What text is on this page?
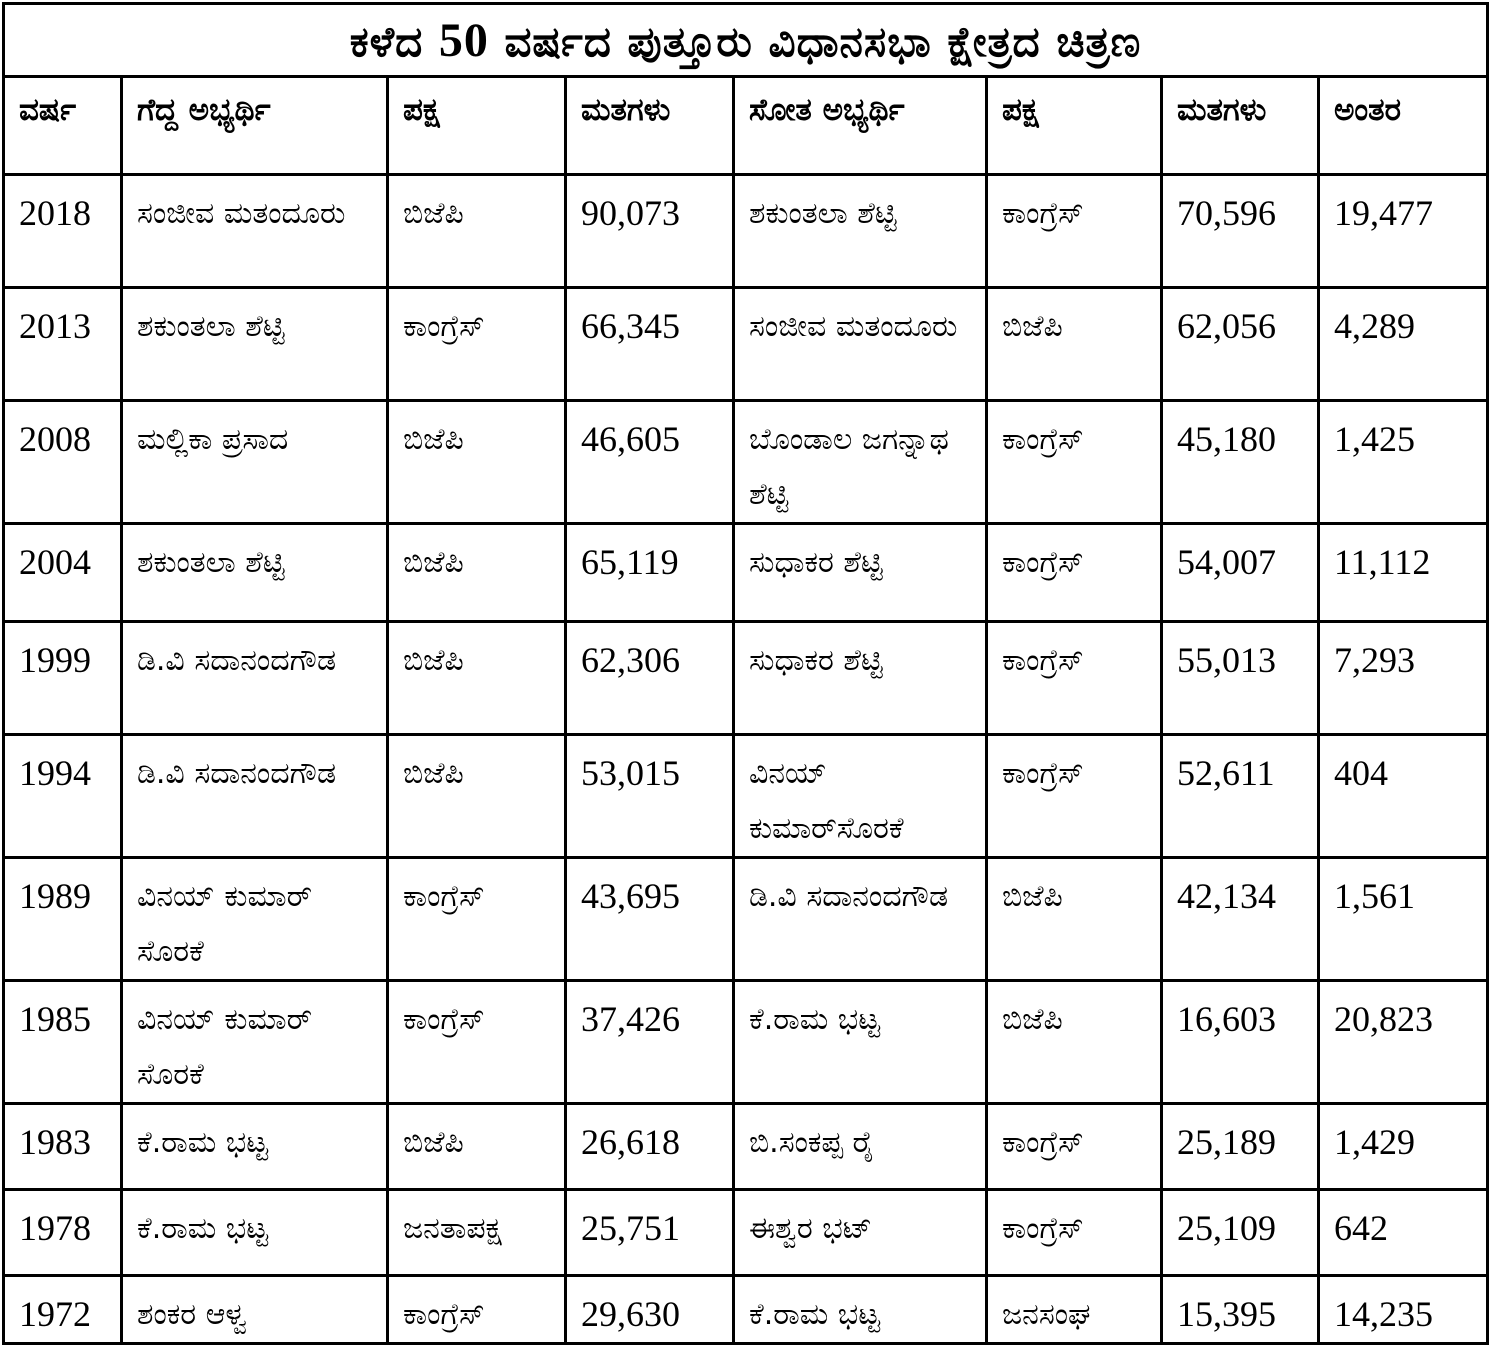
ಕಳೆದ 50 ವರ್ಷದ ಪುತ್ತೂರು ವಿಧಾನಸಭಾ ಕ್ಷೇತ್ರದ ಚಿತ್ರಣ							
ವರ್ಷ	ಗೆದ್ದ ಅಭ್ಯರ್ಥಿ	ಪಕ್ಷ	ಮತಗಳು	ಸೋತ ಅಭ್ಯರ್ಥಿ	ಪಕ್ಷ	ಮತಗಳು	ಅಂತರ
2018	ಸಂಜೀವ ಮತಂದೂರು	ಬಿಜೆಪಿ	90,073	ಶಕುಂತಲಾ ಶೆಟ್ಟಿ	ಕಾಂಗ್ರೆಸ್	70,596	19,477
2013	ಶಕುಂತಲಾ ಶೆಟ್ಟಿ	ಕಾಂಗ್ರೆಸ್	66,345	ಸಂಜೀವ ಮತಂದೂರು	ಬಿಜೆಪಿ	62,056	4,289
2008	ಮಲ್ಲಿಕಾ ಪ್ರಸಾದ	ಬಿಜೆಪಿ	46,605	ಬೊಂಡಾಲ ಜಗನ್ನಾಥ ಶೆಟ್ಟಿ	ಕಾಂಗ್ರೆಸ್	45,180	1,425
2004	ಶಕುಂತಲಾ ಶೆಟ್ಟಿ	ಬಿಜೆಪಿ	65,119	ಸುಧಾಕರ ಶೆಟ್ಟಿ	ಕಾಂಗ್ರೆಸ್	54,007	11,112
1999	ಡಿ.ವಿ ಸದಾನಂದಗೌಡ	ಬಿಜೆಪಿ	62,306	ಸುಧಾಕರ ಶೆಟ್ಟಿ	ಕಾಂಗ್ರೆಸ್	55,013	7,293
1994	ಡಿ.ವಿ ಸದಾನಂದಗೌಡ	ಬಿಜೆಪಿ	53,015	ವಿನಯ್ ಕುಮಾರ್‌ಸೊರಕೆ	ಕಾಂಗ್ರೆಸ್	52,611	404
1989	ವಿನಯ್ ಕುಮಾರ್ ಸೊರಕೆ	ಕಾಂಗ್ರೆಸ್	43,695	ಡಿ.ವಿ ಸದಾನಂದಗೌಡ	ಬಿಜೆಪಿ	42,134	1,561
1985	ವಿನಯ್ ಕುಮಾರ್ ಸೊರಕೆ	ಕಾಂಗ್ರೆಸ್	37,426	ಕೆ.ರಾಮ ಭಟ್ಟ	ಬಿಜೆಪಿ	16,603	20,823
1983	ಕೆ.ರಾಮ ಭಟ್ಟ	ಬಿಜೆಪಿ	26,618	ಬಿ.ಸಂಕಪ್ಪ ರೈ	ಕಾಂಗ್ರೆಸ್	25,189	1,429
1978	ಕೆ.ರಾಮ ಭಟ್ಟ	ಜನತಾಪಕ್ಷ	25,751	ಈಶ್ವರ ಭಟ್	ಕಾಂಗ್ರೆಸ್	25,109	642
1972	ಶಂಕರ ಆಳ್ವ	ಕಾಂಗ್ರೆಸ್	29,630	ಕೆ.ರಾಮ ಭಟ್ಟ	ಜನಸಂಘ	15,395	14,235
